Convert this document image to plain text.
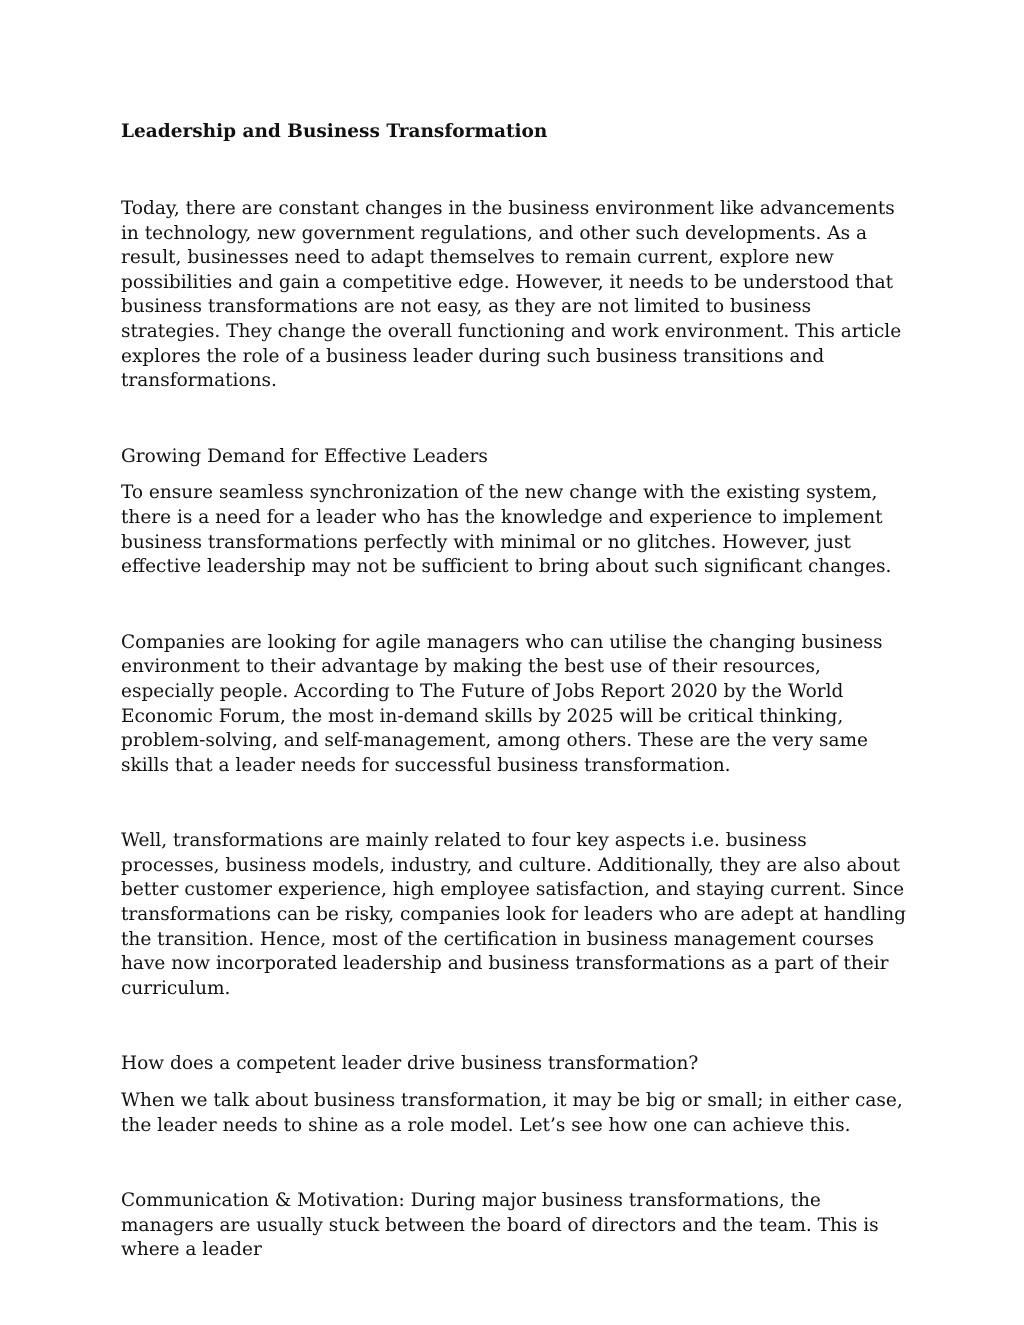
Leadership and Business Transformation

Today, there are constant changes in the business environment like advancements in technology, new government regulations, and other such developments. As a result, businesses need to adapt themselves to remain current, explore new possibilities and gain a competitive edge. However, it needs to be understood that business transformations are not easy, as they are not limited to business strategies. They change the overall functioning and work environment. This article explores the role of a business leader during such business transitions and transformations.

Growing Demand for Effective Leaders

To ensure seamless synchronization of the new change with the existing system, there is a need for a leader who has the knowledge and experience to implement business transformations perfectly with minimal or no glitches. However, just effective leadership may not be sufficient to bring about such significant changes.

Companies are looking for agile managers who can utilise the changing business environment to their advantage by making the best use of their resources, especially people. According to The Future of Jobs Report 2020 by the World Economic Forum, the most in-demand skills by 2025 will be critical thinking, problem-solving, and self-management, among others. These are the very same skills that a leader needs for successful business transformation.

Well, transformations are mainly related to four key aspects i.e. business processes, business models, industry, and culture. Additionally, they are also about better customer experience, high employee satisfaction, and staying current. Since transformations can be risky, companies look for leaders who are adept at handling the transition. Hence, most of the certification in business management courses have now incorporated leadership and business transformations as a part of their curriculum.

How does a competent leader drive business transformation?

When we talk about business transformation, it may be big or small; in either case, the leader needs to shine as a role model. Let’s see how one can achieve this.

Communication & Motivation: During major business transformations, the managers are usually stuck between the board of directors and the team. This is where a leader
